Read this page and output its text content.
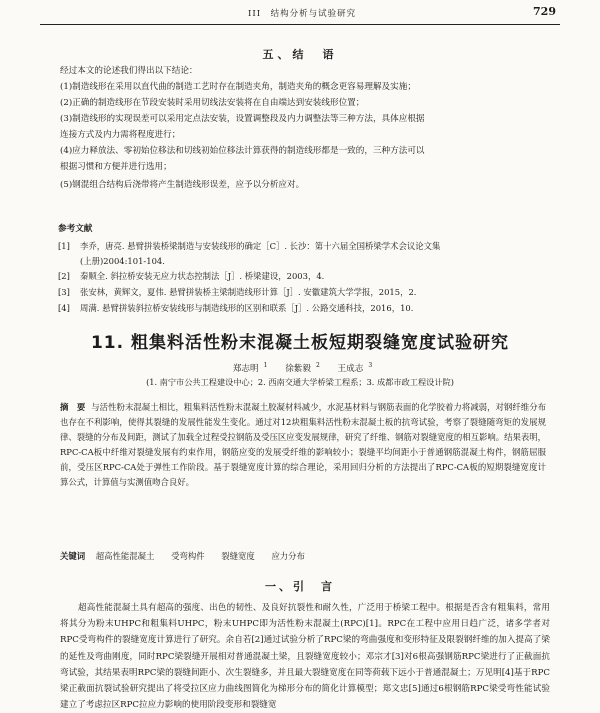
III　结构分析与试验研究	729
五、结　语

经过本文的论述我们得出以下结论：

(1)制造线形在采用以直代曲的制造工艺时存在制造夹角，制造夹角的概念更容易理解及实施；

(2)正确的制造线形在节段安装时采用切线法安装将在自由端达到安装线形位置；

(3)制造线形的实现误差可以采用定点法安装，设置调整段及内力调整法等三种方法，具体应根据

连接方式及内力需将程度进行；

(4)应力释放法、零初始位移法和切线初始位移法计算获得的制造线形都是一致的，三种方法可以

根据习惯和方便并进行选用；

(5)钢混组合结构后浇带将产生制造线形误差，应予以分析应对。

参考文献
[1] 李乔，唐亮. 悬臂拼装桥梁制造与安装线形的确定［C］. 长沙：第十六届全国桥梁学术会议论文集
(上册)2004:101-104.
[2] 秦顺全. 斜拉桥安装无应力状态控制法［J］. 桥梁建设，2003，4.
[3] 张安林，黄辉文，夏伟. 悬臂拼装桥主梁制造线形计算［J］. 安徽建筑大学学报，2015，2.
[4] 周满. 悬臂拼装斜拉桥安装线形与制造线形的区别和联系［J］. 公路交通科技，2016，10.
11. 粗集料活性粉末混凝土板短期裂缝宽度试验研究
郑志明 $^1$ 徐紫毅 $^2$ 王成志 $^3$
(1. 南宁市公共工程建设中心；2. 西南交通大学桥梁工程系；3. 成都市政工程设计院)
摘　要 与活性粉末混凝土相比，粗集料活性粉末混凝土胶凝材料减少，水泥基材料与钢筋表面的化学胶着力将减弱，对钢纤维分布也存在不利影响，使得其裂缝的发展性能发生变化。通过对12块粗集料活性粉末混凝土板的抗弯试验，考察了裂缝随弯矩的发展规律、裂缝的分布及间距，测试了加载全过程受拉钢筋及受压区应变发展规律，研究了纤维、钢筋对裂缝宽度的相互影响。结果表明，RPC-CA板中纤维对裂缝发展有约束作用，钢筋应变的发展受纤维的影响较小；裂缝平均间距小于普通钢筋混凝土构件，钢筋屈服前，受压区RPC-CA处于弹性工作阶段。基于裂缝宽度计算的综合理论，采用回归分析的方法提出了RPC-CA板的短期裂缝宽度计算公式，计算值与实测值吻合良好。
关键词 超高性能混凝土 受弯构件 裂缝宽度 应力分布
一、引　言
超高性能混凝土具有超高的强度、出色的韧性、及良好抗裂性和耐久性，广泛用于桥梁工程中。根据是否含有粗集料，常用将其分为粉末UHPC和粗集料UHPC，粉末UHPC即为活性粉末混凝土(RPC)[1]。RPC在工程中应用日趋广泛，诸多学者对RPC受弯构件的裂缝宽度计算进行了研究。余自若[2]通过试验分析了RPC梁的弯曲强度和变形特征及限裂钢纤维的加入提高了梁的延性及弯曲刚度，同时RPC梁裂缝开展相对普通混凝土梁，且裂缝宽度较小；邓宗才[3]对6根高强钢筋RPC梁进行了正截面抗弯试验，其结果表明RPC梁的裂缝间距小、次生裂缝多，并且最大裂缝宽度在同等荷载下远小于普通混凝土；万见明[4]基于RPC梁正截面抗裂试验研究提出了将受拉区应力曲线图简化为梯形分布的简化计算模型；郑文忠[5]通过6根钢筋RPC梁受弯性能试验建立了考虑拉区RPC拉应力影响的使用阶段变形和裂缝宽
